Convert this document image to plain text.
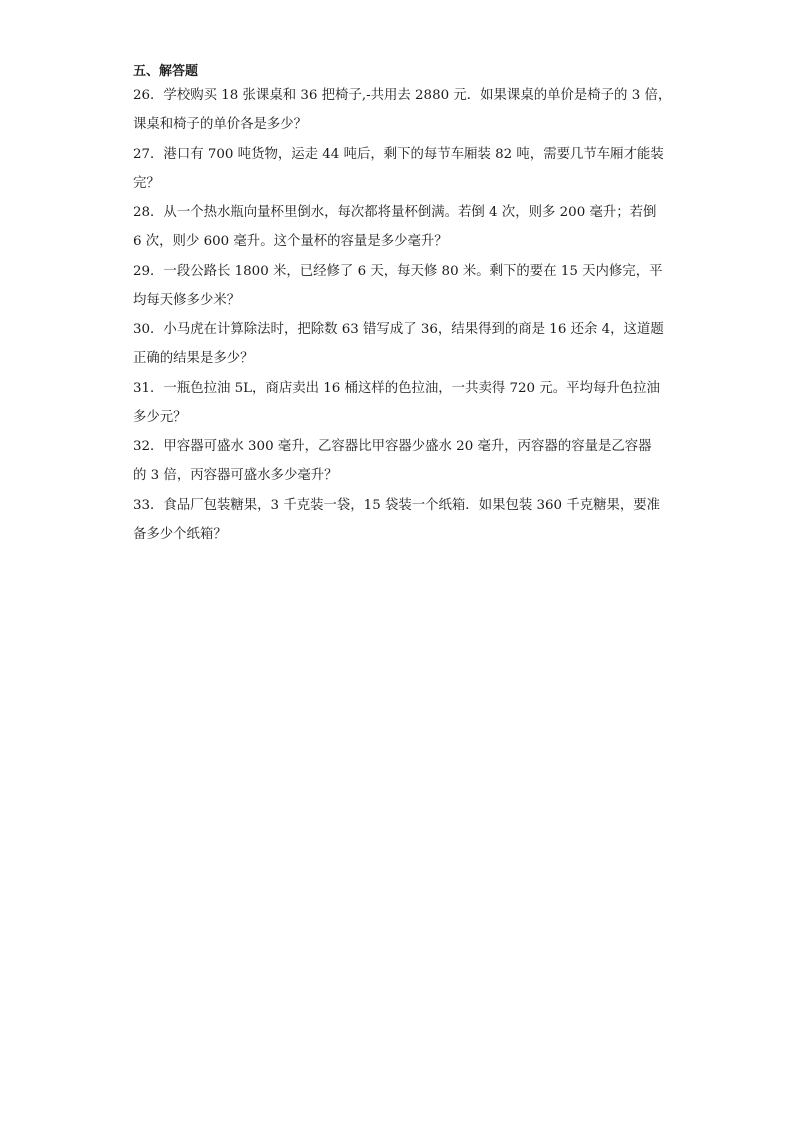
五、解答题
26．学校购买 18 张课桌和 36 把椅子,-共用去 2880 元．如果课桌的单价是椅子的 3 倍，
课桌和椅子的单价各是多少？
27．港口有 700 吨货物，运走 44 吨后，剩下的每节车厢装 82 吨，需要几节车厢才能装
完？
28．从一个热水瓶向量杯里倒水，每次都将量杯倒满。若倒 4 次，则多 200 毫升；若倒
6 次，则少 600 毫升。这个量杯的容量是多少毫升？
29．一段公路长 1800 米，已经修了 6 天，每天修 80 米。剩下的要在 15 天内修完，平
均每天修多少米？
30．小马虎在计算除法时，把除数 63 错写成了 36，结果得到的商是 16 还余 4，这道题
正确的结果是多少？
31．一瓶色拉油 5L，商店卖出 16 桶这样的色拉油，一共卖得 720 元。平均每升色拉油
多少元？
32．甲容器可盛水 300 毫升，乙容器比甲容器少盛水 20 毫升，丙容器的容量是乙容器
的 3 倍，丙容器可盛水多少毫升？
33．食品厂包装糖果，3 千克装一袋，15 袋装一个纸箱．如果包装 360 千克糖果，要准
备多少个纸箱？
